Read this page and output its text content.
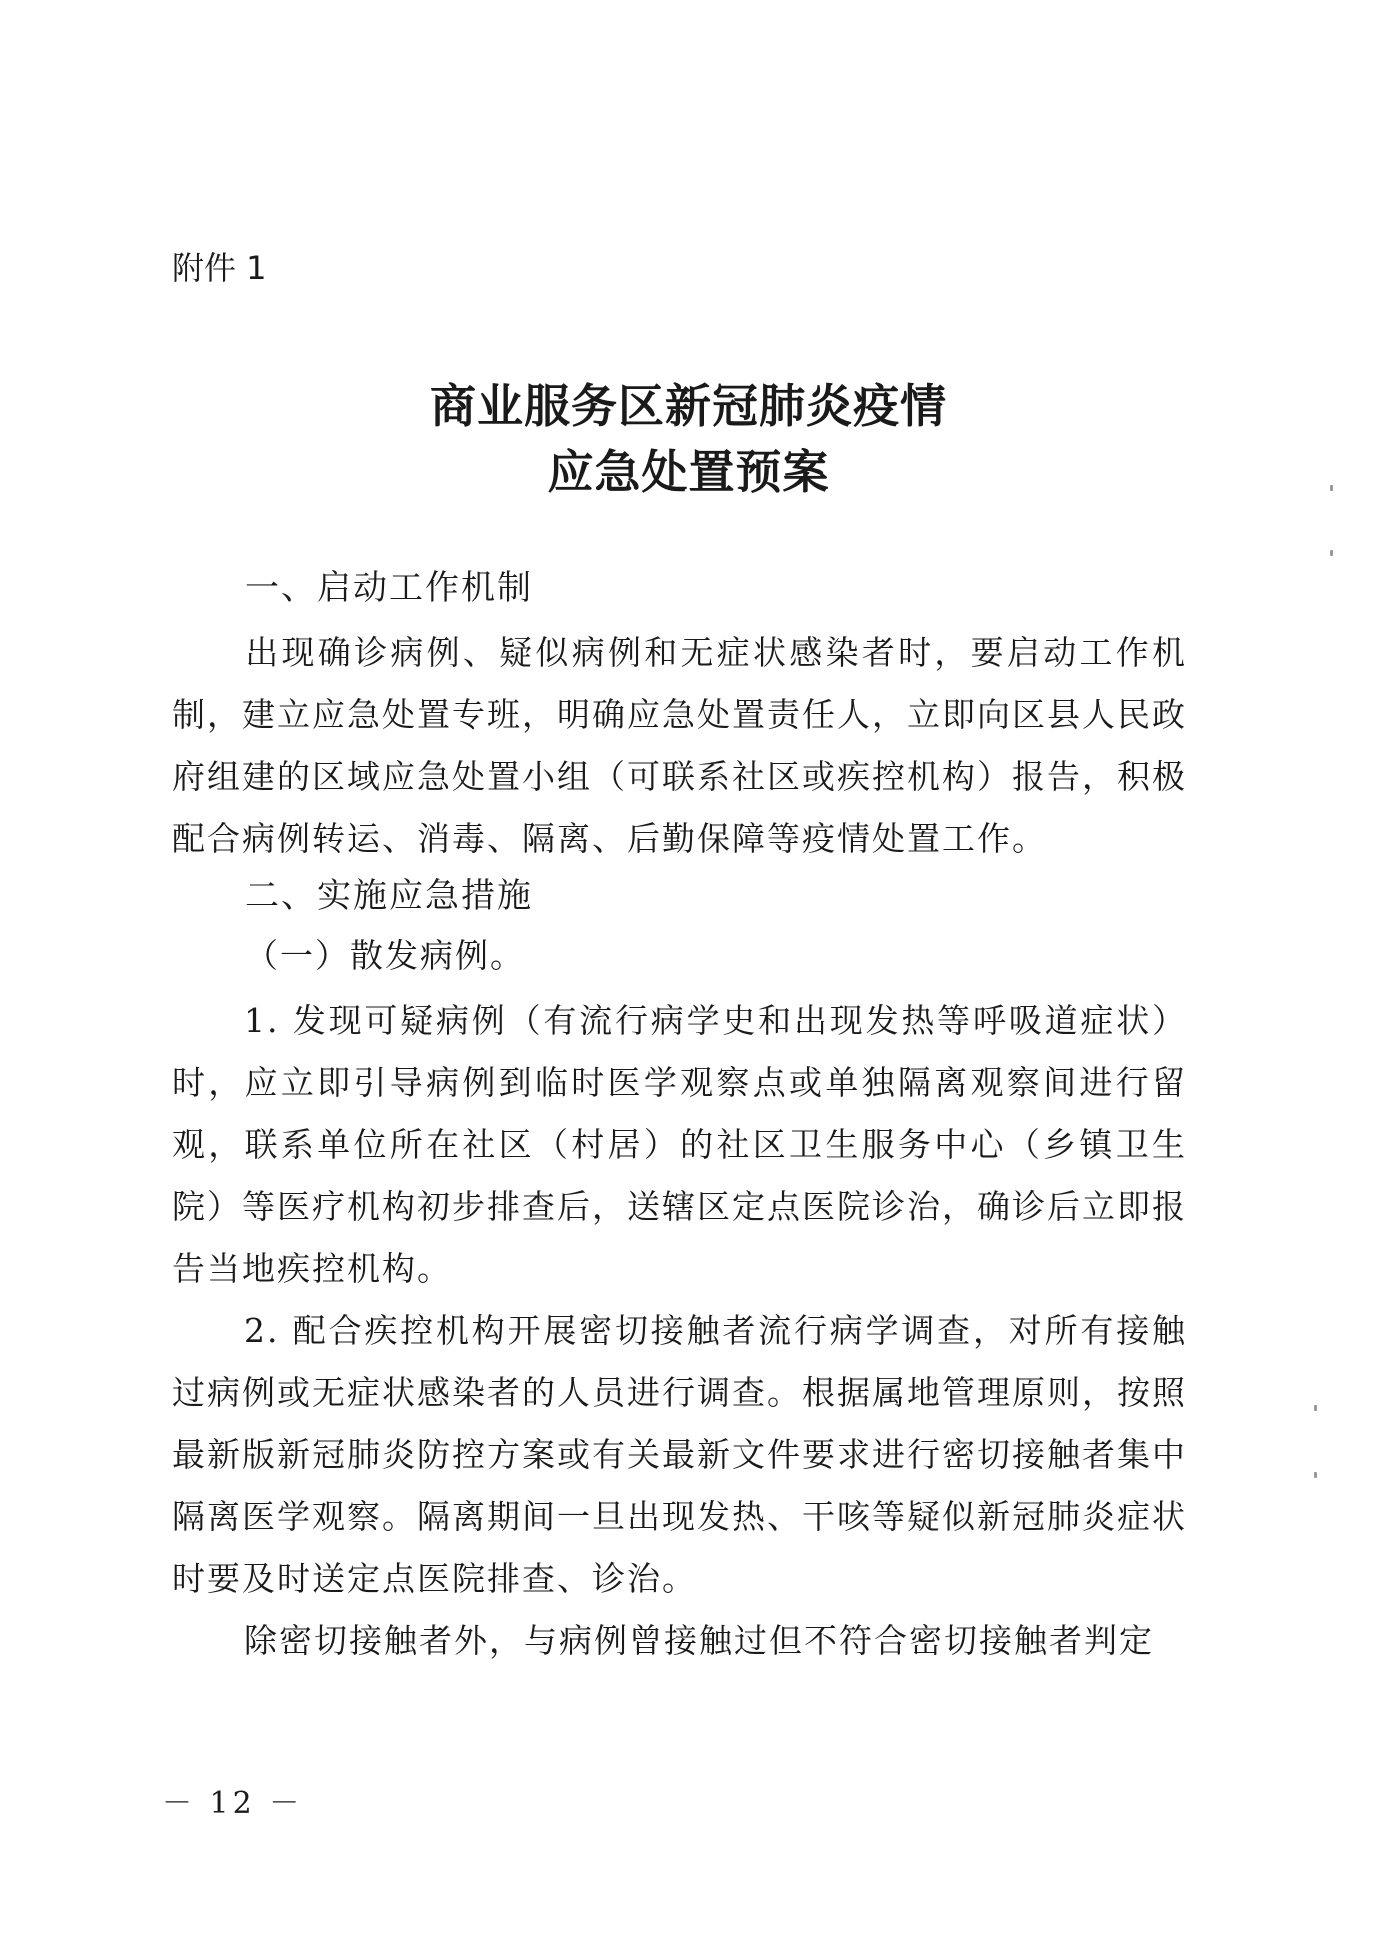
附件 1
商业服务区新冠肺炎疫情
应急处置预案
一、启动工作机制

出现确诊病例、疑似病例和无症状感染者时，要启动工作机制，建立应急处置专班，明确应急处置责任人，立即向区县人民政府组建的区域应急处置小组（可联系社区或疾控机构）报告，积极配合病例转运、消毒、隔离、后勤保障等疫情处置工作。

二、实施应急措施
（一）散发病例。

1. 发现可疑病例（有流行病学史和出现发热等呼吸道症状）时，应立即引导病例到临时医学观察点或单独隔离观察间进行留观，联系单位所在社区（村居）的社区卫生服务中心（乡镇卫生院）等医疗机构初步排查后，送辖区定点医院诊治，确诊后立即报告当地疾控机构。

2. 配合疾控机构开展密切接触者流行病学调查，对所有接触过病例或无症状感染者的人员进行调查。根据属地管理原则，按照最新版新冠肺炎防控方案或有关最新文件要求进行密切接触者集中隔离医学观察。隔离期间一旦出现发热、干咳等疑似新冠肺炎症状时要及时送定点医院排查、诊治。

除密切接触者外，与病例曾接触过但不符合密切接触者判定

－ 12 －
